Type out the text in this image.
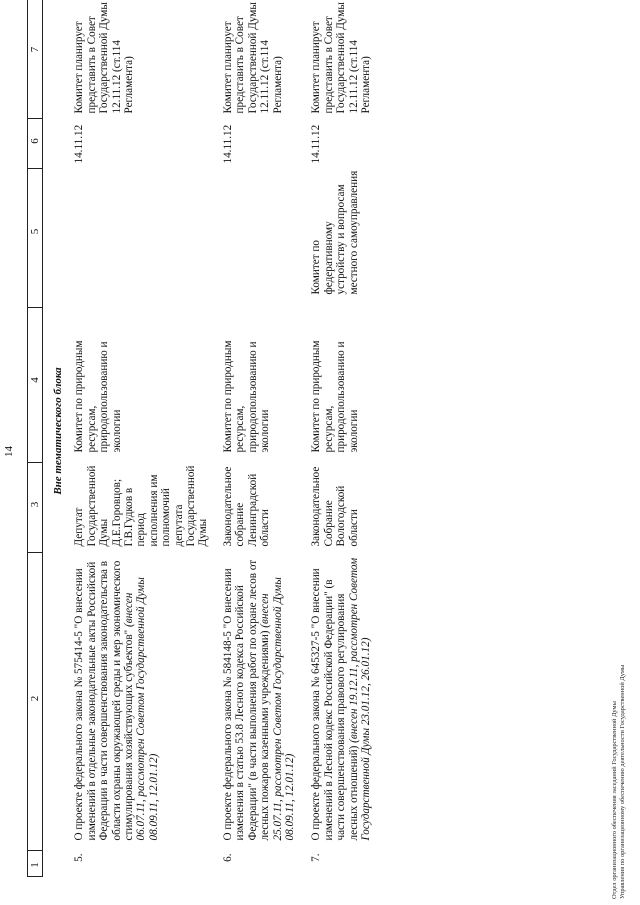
14
1	2	3	4	5	6	7
Вне тематического блока						
5.	О проекте федерального закона № 575414-5 "О внесении изменений в отдельные законодательные акты Российской Федерации в части совершенствования законодательства в области охраны окружающей среды и мер экономического стимулирования хозяйствующих субъектов" (внесен 06.07.11, рассмотрен Советом Государственной Думы 08.09.11, 12.01.12)	Депутат Государственной Думы Д.Е.Горовцов; Г.В.Гудков в период исполнения им полномочий депутата Государственной Думы	Комитет по природным ресурсам, природопользованию и экологии		14.11.12	Комитет планирует представить в Совет Государственной Думы 12.11.12 (ст.114 Регламента)
6.	О проекте федерального закона № 584148-5 "О внесении изменения в статью 53.8 Лесного кодекса Российской Федерации" (в части выполнения работ по охране лесов от лесных пожаров казенными учреждениями) (внесен 25.07.11, рассмотрен Советом Государственной Думы 08.09.11, 12.01.12)	Законодательное собрание Ленинградской области	Комитет по природным ресурсам, природопользованию и экологии		14.11.12	Комитет планирует представить в Совет Государственной Думы 12.11.12 (ст.114 Регламента)
7.	О проекте федерального закона № 645327-5 "О внесении изменений в Лесной кодекс Российской Федерации" (в части совершенствования правового регулирования лесных отношений) (внесен 19.12.11, рассмотрен Советом Государственной Думы 23.01.12, 26.01.12)	Законодательное Собрание Вологодской области	Комитет по природным ресурсам, природопользованию и экологии	Комитет по федеративному устройству и вопросам местного самоуправления	14.11.12	Комитет планирует представить в Совет Государственной Думы 12.11.12 (ст.114 Регламента)
Отдел организационного обеспечения заседаний Государственной Думы Управления по организационному обеспечению деятельности Государственной Думы
